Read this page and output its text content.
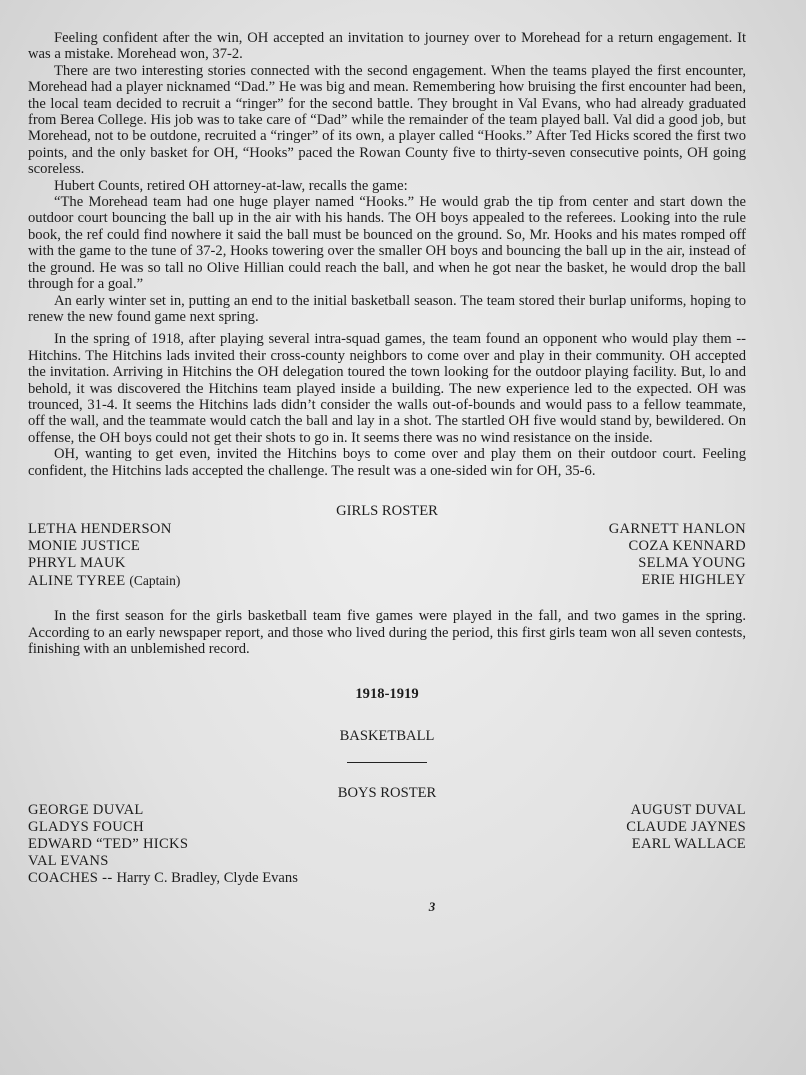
Feeling confident after the win, OH accepted an invitation to journey over to Morehead for a return engagement. It was a mistake. Morehead won, 37-2.

There are two interesting stories connected with the second engagement. When the teams played the first encounter, Morehead had a player nicknamed “Dad.” He was big and mean. Remembering how bruising the first encounter had been, the local team decided to recruit a “ringer” for the second battle. They brought in Val Evans, who had already graduated from Berea College. His job was to take care of “Dad” while the remainder of the team played ball. Val did a good job, but Morehead, not to be outdone, recruited a “ringer” of its own, a player called “Hooks.” After Ted Hicks scored the first two points, and the only basket for OH, “Hooks” paced the Rowan County five to thirty-seven consecutive points, OH going scoreless.

Hubert Counts, retired OH attorney-at-law, recalls the game:

“The Morehead team had one huge player named “Hooks.” He would grab the tip from center and start down the outdoor court bouncing the ball up in the air with his hands. The OH boys appealed to the referees. Looking into the rule book, the ref could find nowhere it said the ball must be bounced on the ground. So, Mr. Hooks and his mates romped off with the game to the tune of 37-2, Hooks towering over the smaller OH boys and bouncing the ball up in the air, instead of the ground. He was so tall no Olive Hillian could reach the ball, and when he got near the basket, he would drop the ball through for a goal.”

An early winter set in, putting an end to the initial basketball season. The team stored their burlap uniforms, hoping to renew the new found game next spring.

In the spring of 1918, after playing several intra-squad games, the team found an opponent who would play them -- Hitchins. The Hitchins lads invited their cross-county neighbors to come over and play in their community. OH accepted the invitation. Arriving in Hitchins the OH delegation toured the town looking for the outdoor playing facility. But, lo and behold, it was discovered the Hitchins team played inside a building. The new experience led to the expected. OH was trounced, 31-4. It seems the Hitchins lads didn’t consider the walls out-of-bounds and would pass to a fellow teammate, off the wall, and the teammate would catch the ball and lay in a shot. The startled OH five would stand by, bewildered. On offense, the OH boys could not get their shots to go in. It seems there was no wind resistance on the inside.

OH, wanting to get even, invited the Hitchins boys to come over and play them on their outdoor court. Feeling confident, the Hitchins lads accepted the challenge. The result was a one-sided win for OH, 35-6.

GIRLS ROSTER
LETHA HENDERSON
MONIE JUSTICE
PHRYL MAUK
ALINE TYREE (Captain)
GARNETT HANLON
COZA KENNARD
SELMA YOUNG
ERIE HIGHLEY

In the first season for the girls basketball team five games were played in the fall, and two games in the spring. According to an early newspaper report, and those who lived during the period, this first girls team won all seven contests, finishing with an unblemished record.

1918-1919
BASKETBALL
BOYS ROSTER
GEORGE DUVAL
GLADYS FOUCH
EDWARD “TED” HICKS
VAL EVANS
COACHES -- Harry C. Bradley, Clyde Evans
AUGUST DUVAL
CLAUDE JAYNES
EARL WALLACE
3
